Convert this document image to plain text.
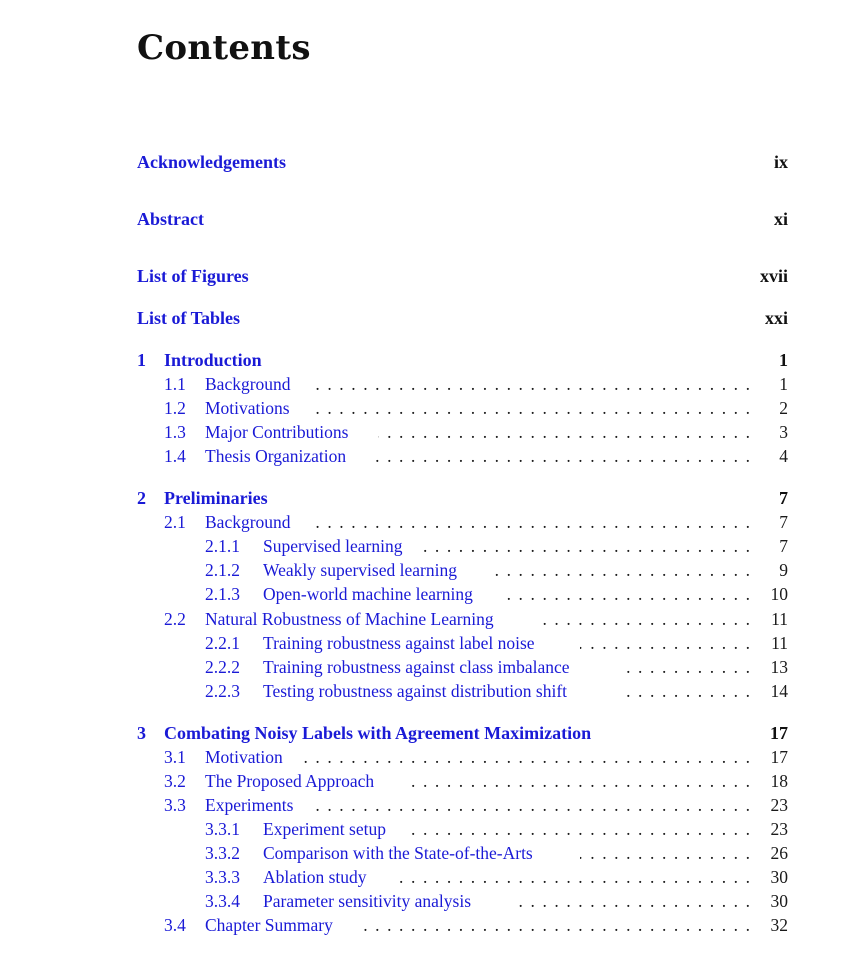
Contents
Acknowledgements	ix
Abstract	xi
List of Figures	xvii
List of Tables	xxi
1 Introduction	1
1.1 Background . . .	1
1.2 Motivations . . .	2
1.3 Major Contributions . . .	3
1.4 Thesis Organization . . .	4
2 Preliminaries	7
2.1 Background . . .	7
2.1.1 Supervised learning . . .	7
2.1.2 Weakly supervised learning . . .	9
2.1.3 Open-world machine learning . . .	10
2.2 Natural Robustness of Machine Learning . . .	11
2.2.1 Training robustness against label noise . . .	11
2.2.2 Training robustness against class imbalance . . .	13
2.2.3 Testing robustness against distribution shift . . .	14
3 Combating Noisy Labels with Agreement Maximization	17
3.1 Motivation . . .	17
3.2 The Proposed Approach . . .	18
3.3 Experiments . . .	23
3.3.1 Experiment setup . . .	23
3.3.2 Comparison with the State-of-the-Arts . . .	26
3.3.3 Ablation study . . .	30
3.3.4 Parameter sensitivity analysis . . .	30
3.4 Chapter Summary . . .	32
